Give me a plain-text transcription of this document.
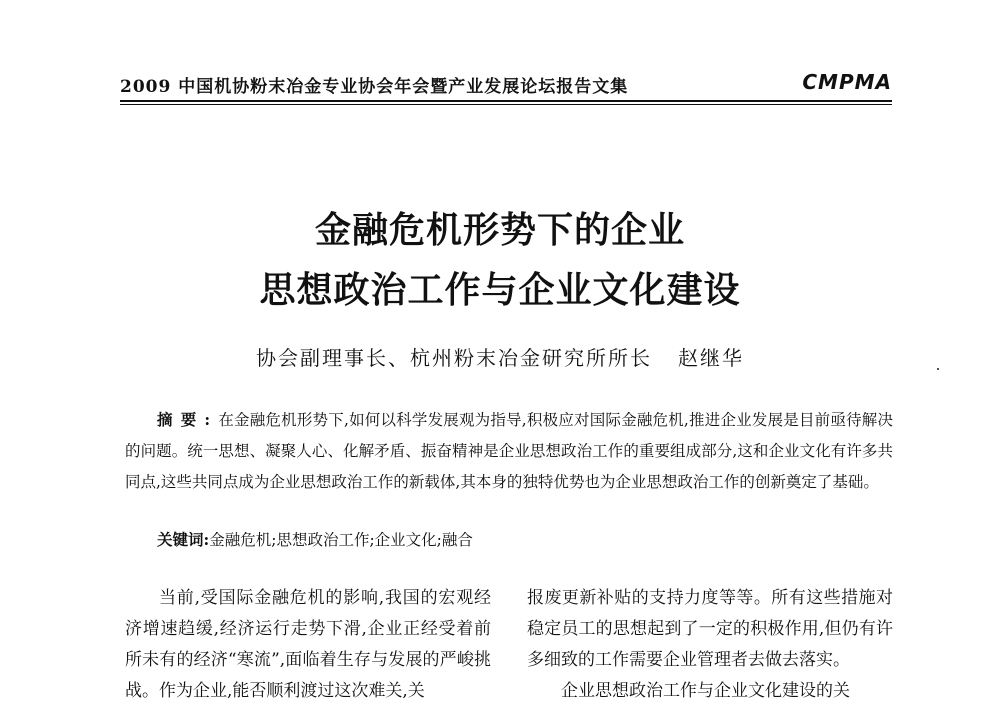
2009 中国机协粉末冶金专业协会年会暨产业发展论坛报告文集	CMPMA
金融危机形势下的企业
思想政治工作与企业文化建设
协会副理事长、杭州粉末冶金研究所所长 赵继华
摘要:在金融危机形势下,如何以科学发展观为指导,积极应对国际金融危机,推进企业发展是目前亟待解决的问题。统一思想、凝聚人心、化解矛盾、振奋精神是企业思想政治工作的重要组成部分,这和企业文化有许多共同点,这些共同点成为企业思想政治工作的新载体,其本身的独特优势也为企业思想政治工作的创新奠定了基础。
关键词:金融危机;思想政治工作;企业文化;融合

当前,受国际金融危机的影响,我国的宏观经济增速趋缓,经济运行走势下滑,企业正经受着前所未有的经济“寒流”,面临着生存与发展的严峻挑战。作为企业,能否顺利渡过这次难关,关

报废更新补贴的支持力度等等。所有这些措施对稳定员工的思想起到了一定的积极作用,但仍有许多细致的工作需要企业管理者去做去落实。

企业思想政治工作与企业文化建设的关
